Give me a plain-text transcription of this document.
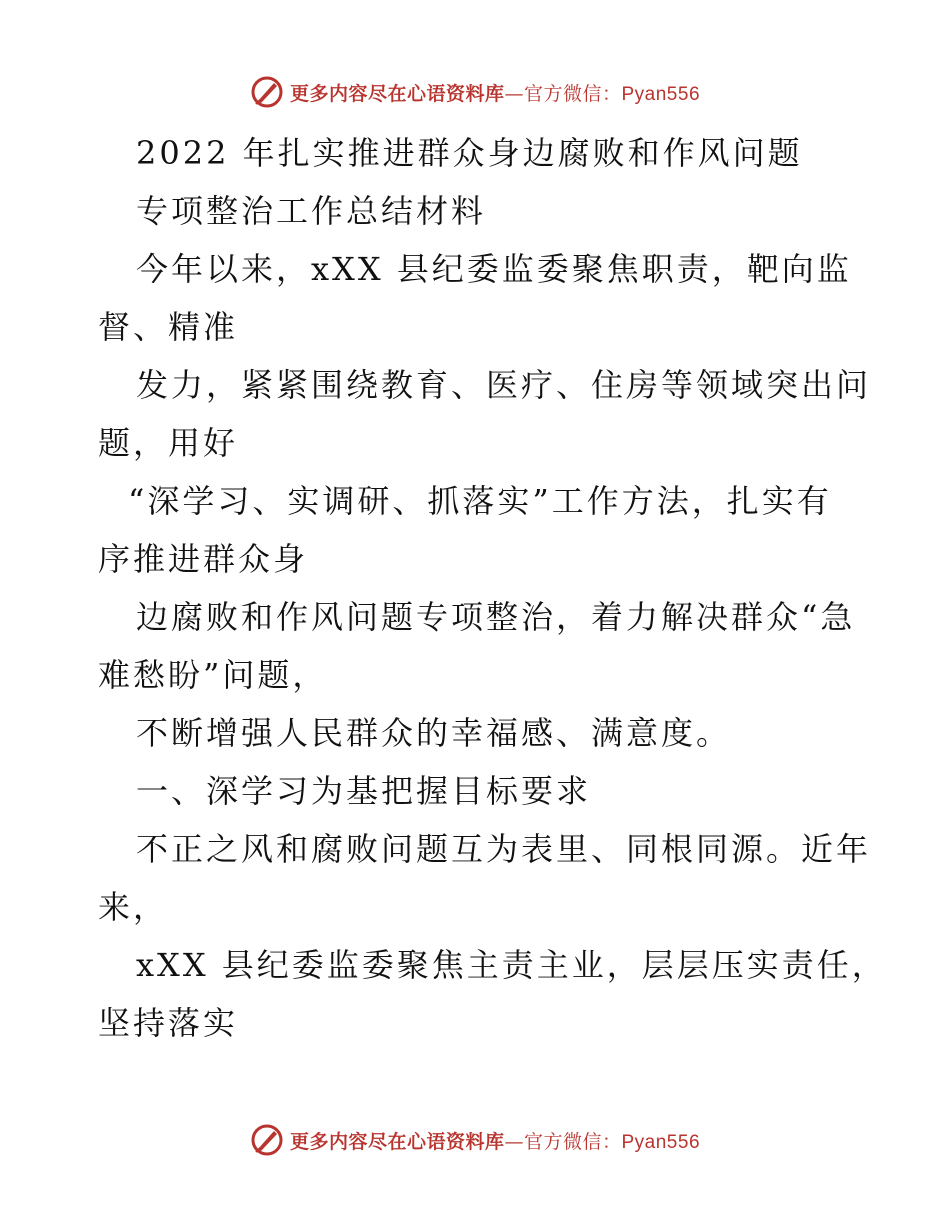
更多内容尽在心语资料库—官方微信：Pyan556
2022 年扎实推进群众身边腐败和作风问题
专项整治工作总结材料
今年以来，xXX 县纪委监委聚焦职责，靶向监
督、精准
发力，紧紧围绕教育、医疗、住房等领域突出问
题，用好
“深学习、实调研、抓落实”工作方法，扎实有
序推进群众身
边腐败和作风问题专项整治，着力解决群众“急
难愁盼”问题，
不断增强人民群众的幸福感、满意度。
一、深学习为基把握目标要求
不正之风和腐败问题互为表里、同根同源。近年
来，
xXX 县纪委监委聚焦主责主业，层层压实责任，
坚持落实
更多内容尽在心语资料库—官方微信：Pyan556
